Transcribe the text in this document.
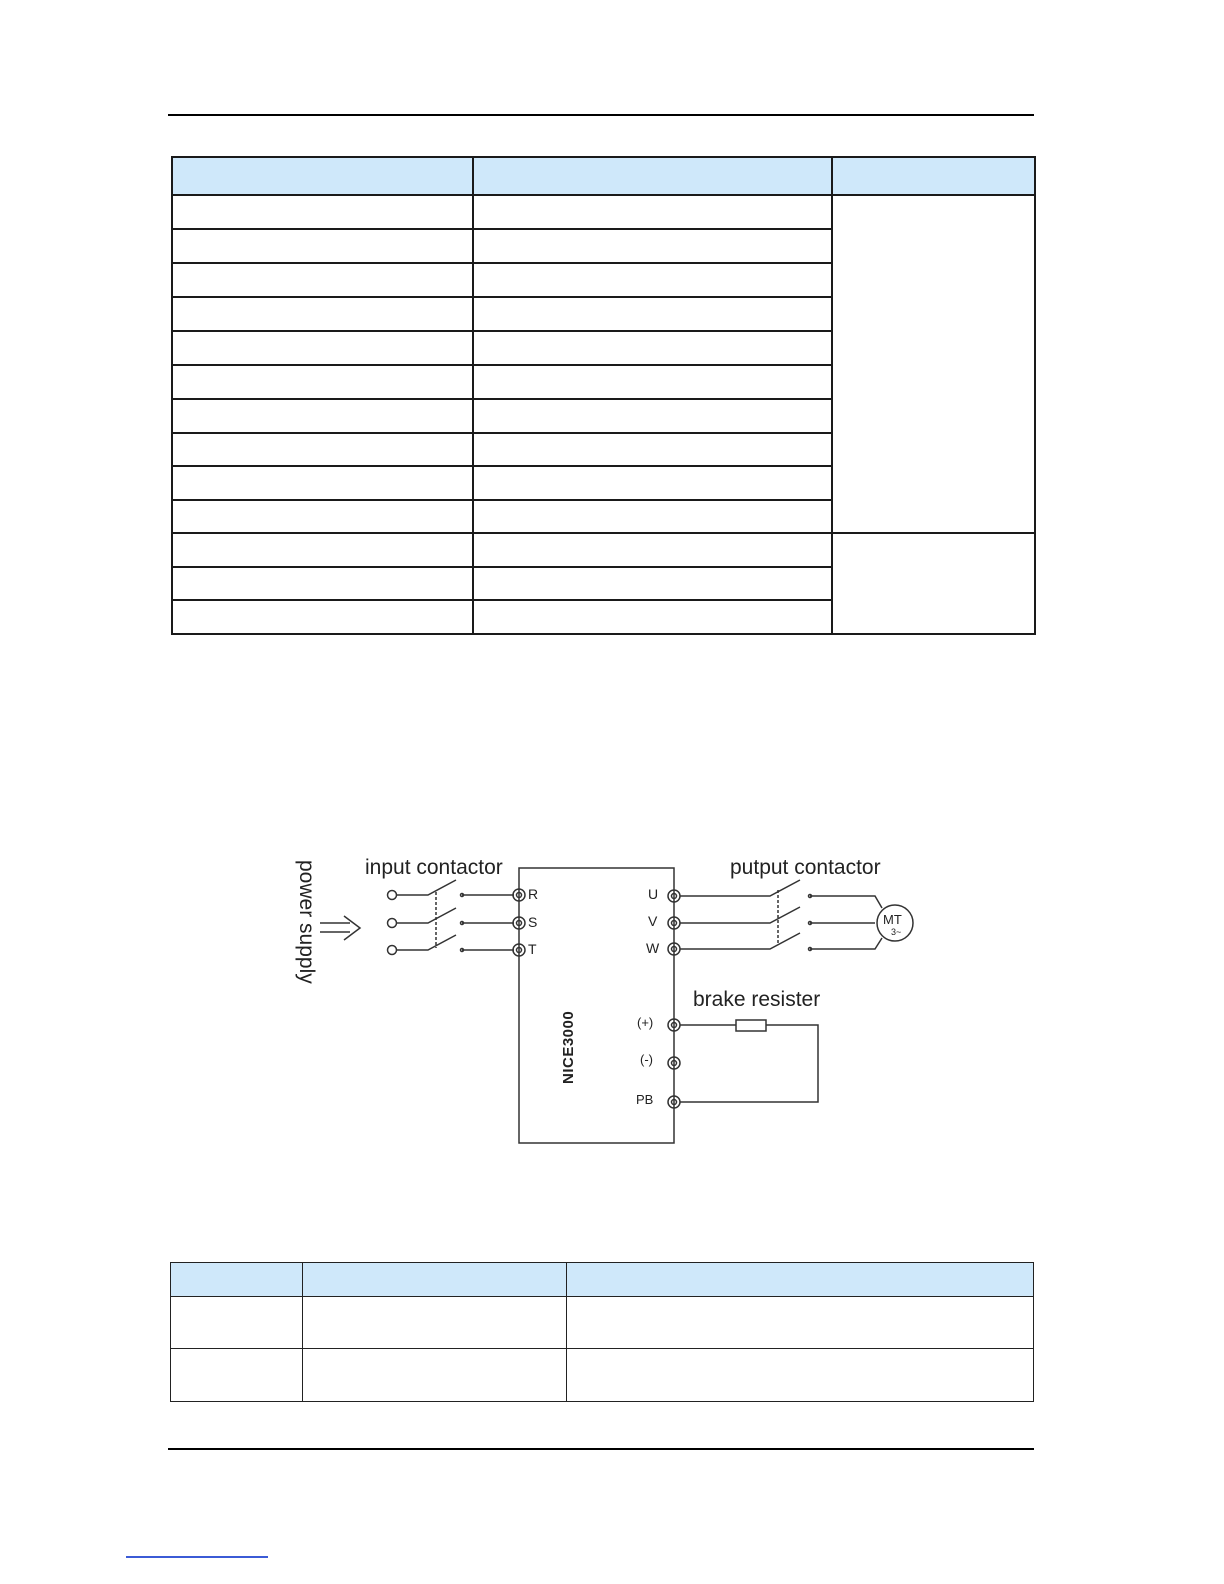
power supply input contactor	putput contactor
brake resister
NICE3000
R
S
T
U
V
W
(+)
(-)
PB
MT
3~
